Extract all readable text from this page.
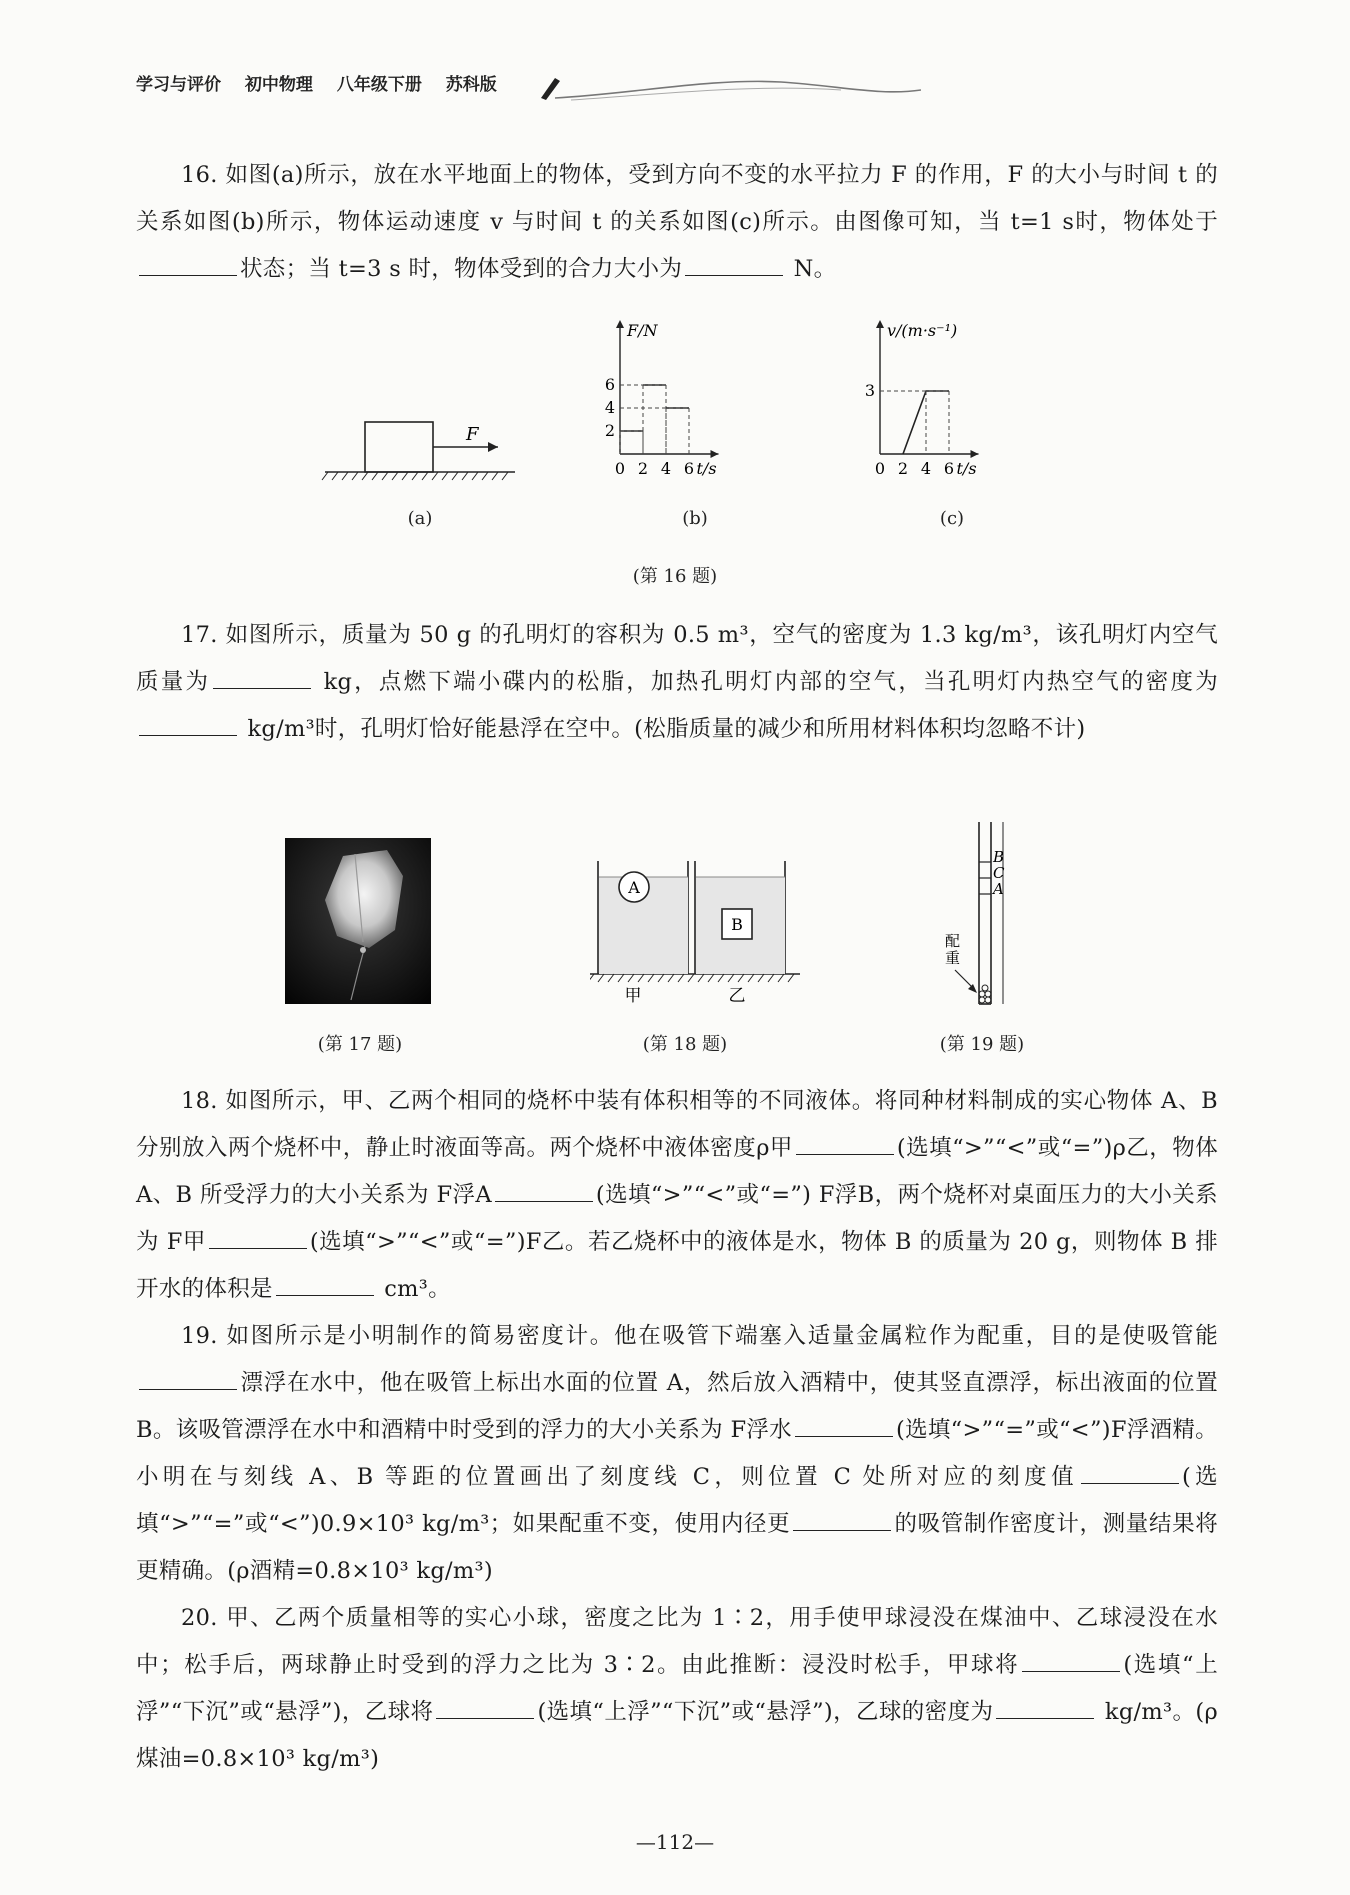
学习与评价 初中物理 八年级下册 苏科版
16. 如图(a)所示，放在水平地面上的物体，受到方向不变的水平拉力 F 的作用，F 的大小与时间 t 的关系如图(b)所示，物体运动速度 v 与时间 t 的关系如图(c)所示。由图像可知，当 t=1 s时，物体处于状态；当 t=3 s 时，物体受到的合力大小为	N。
F
(a)
F/N
t/s
0 2 4 6
2
4
6
(b)
v/(m·s⁻¹)
t/s
0 2 4 6
3
(c)
(第 16 题)
17. 如图所示，质量为 50 g 的孔明灯的容积为 0.5 m³，空气的密度为 1.3 kg/m³，该孔明灯内空气质量为	kg，点燃下端小碟内的松脂，加热孔明灯内部的空气，当孔明灯内热空气的密度为 kg/m³时，孔明灯恰好能悬浮在空中。(松脂质量的减少和所用材料体积均忽略不计)
(第 17 题)
A
B
甲	乙
(第 18 题)
B
C
A
配重
(第 19 题)
18. 如图所示，甲、乙两个相同的烧杯中装有体积相等的不同液体。将同种材料制成的实心物体 A、B 分别放入两个烧杯中，静止时液面等高。两个烧杯中液体密度ρ甲	(选填“>”“<”或“=”)ρ乙，物体 A、B 所受浮力的大小关系为 F浮A	(选填“>”“<”或“=”) F浮B，两个烧杯对桌面压力的大小关系为 F甲	(选填“>”“<”或“=”)F乙。若乙烧杯中的液体是水，物体 B 的质量为 20 g，则物体 B 排开水的体积是	cm³。
19. 如图所示是小明制作的简易密度计。他在吸管下端塞入适量金属粒作为配重，目的是使吸管能漂浮在水中，他在吸管上标出水面的位置 A，然后放入酒精中，使其竖直漂浮，标出液面的位置 B。该吸管漂浮在水中和酒精中时受到的浮力的大小关系为 F浮水	(选填“>”“=”或“<”)F浮酒精。小明在与刻线 A、B 等距的位置画出了刻度线 C，则位置 C 处所对应的刻度值	(选填“>”“=”或“<”)0.9×10³ kg/m³；如果配重不变，使用内径更	的吸管制作密度计，测量结果将更精确。(ρ酒精=0.8×10³ kg/m³)
20. 甲、乙两个质量相等的实心小球，密度之比为 1∶2，用手使甲球浸没在煤油中、乙球浸没在水中；松手后，两球静止时受到的浮力之比为 3∶2。由此推断：浸没时松手，甲球将	(选填“上浮”“下沉”或“悬浮”)，乙球将	(选填“上浮”“下沉”或“悬浮”)，乙球的密度为	kg/m³。(ρ煤油=0.8×10³ kg/m³)
—112—
